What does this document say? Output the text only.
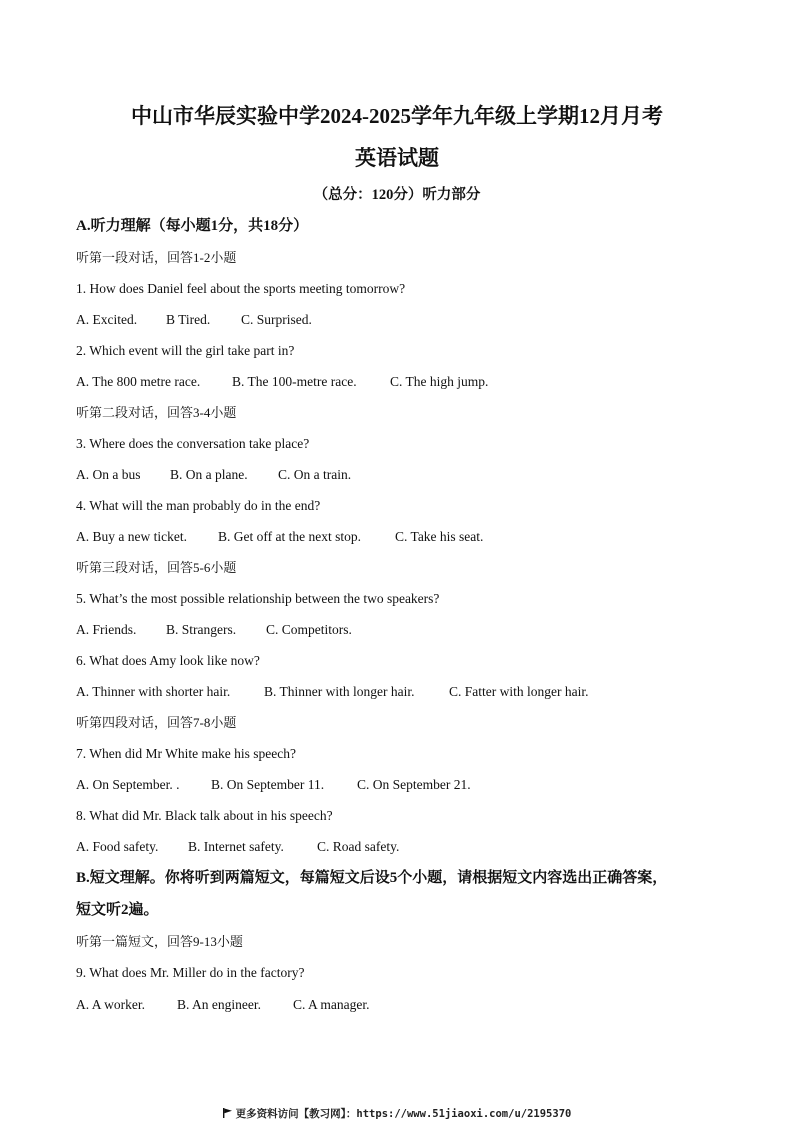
中山市华辰实验中学2024-2025学年九年级上学期12月月考
英语试题
（总分：120分）听力部分
A.听力理解（每小题1分，共18分）
听第一段对话，回答1-2小题
1. How does Daniel feel about the sports meeting tomorrow?
A. Excited. B Tired. C. Surprised.
2. Which event will the girl take part in?
A. The 800 metre race. B. The 100-metre race. C. The high jump.
听第二段对话，回答3-4小题
3. Where does the conversation take place?
A. On a bus B. On a plane. C. On a train.
4. What will the man probably do in the end?
A. Buy a new ticket. B. Get off at the next stop.	C. Take his seat.
听第三段对话，回答5-6小题
5. What’s the most possible relationship between the two speakers?
A. Friends. B. Strangers. C. Competitors.
6. What does Amy look like now?
A. Thinner with shorter hair.	B. Thinner with longer hair.	C. Fatter with longer hair.
听第四段对话，回答7-8小题
7. When did Mr White make his speech?
A. On September. . B. On September 11. C. On September 21.
8. What did Mr. Black talk about in his speech?
A. Food safety. B. Internet safety. C. Road safety.
B.短文理解。你将听到两篇短文，每篇短文后设5个小题，请根据短文内容选出正确答案，
短文听2遍。
听第一篇短文，回答9-13小题
9. What does Mr. Miller do in the factory?
A. A worker. B. An engineer. C. A manager.
更多资料访问【教习网】：https://www.51jiaoxi.com/u/2195370
